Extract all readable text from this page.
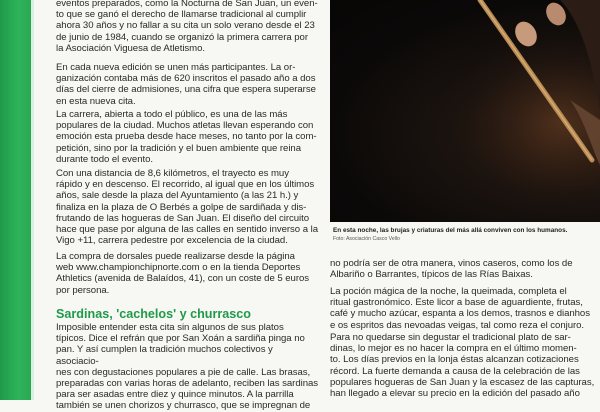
eventos preparados, como la Nocturna de San Juan, un even-
to que se ganó el derecho de llamarse tradicional al cumplir
ahora 30 años y no fallar a su cita un solo verano desde el 23
de junio de 1984, cuando se organizó la primera carrera por
la Asociación Viguesa de Atletismo.

En cada nueva edición se unen más participantes. La or-
ganización contaba más de 620 inscritos el pasado año a dos
días del cierre de admisiones, una cifra que espera superarse
en esta nueva cita.

La carrera, abierta a todo el público, es una de las más
populares de la ciudad. Muchos atletas llevan esperando con
emoción esta prueba desde hace meses, no tanto por la com-
petición, sino por la tradición y el buen ambiente que reina
durante todo el evento.

Con una distancia de 8,6 kilómetros, el trayecto es muy
rápido y en descenso. El recorrido, al igual que en los últimos
años, sale desde la plaza del Ayuntamiento (a las 21 h.) y
finaliza en la plaza de O Berbés a golpe de sardiñada y dis-
frutando de las hogueras de San Juan. El diseño del circuito
hace que pase por alguna de las calles en sentido inverso a la
Vigo +11, carrera pedestre por excelencia de la ciudad.

La compra de dorsales puede realizarse desde la página
web www.championchipnorte.com o en la tienda Deportes
Athletics (avenida de Balaídos, 41), con un coste de 5 euros
por persona.

Sardinas, 'cachelos' y churrasco

Imposible entender esta cita sin algunos de sus platos
típicos. Dice el refrán que por San Xoán a sardiña pinga no
pan. Y así cumplen la tradición muchos colectivos y asociacio-
nes con degustaciones populares a pie de calle. Las brasas,
preparadas con varias horas de adelanto, reciben las sardinas
para ser asadas entre diez y quince minutos. A la parrilla
también se unen chorizos y churrasco, que se impregnan de

En esta noche, las brujas y criaturas del más allá conviven con los humanos.

Foto: Asociación Casco Vello

no podría ser de otra manera, vinos caseros, como los de
Albariño o Barrantes, típicos de las Rías Baixas.

La poción mágica de la noche, la queimada, completa el
ritual gastronómico. Este licor a base de aguardiente, frutas,
café y mucho azúcar, espanta a los demos, trasnos e dianhos
e os espritos das nevoadas veigas, tal como reza el conjuro.

Para no quedarse sin degustar el tradicional plato de sar-
dinas, lo mejor es no hacer la compra en el último momen-
to. Los días previos en la lonja éstas alcanzan cotizaciones
récord. La fuerte demanda a causa de la celebración de las
populares hogueras de San Juan y la escasez de las capturas,
han llegado a elevar su precio en la edición del pasado año
